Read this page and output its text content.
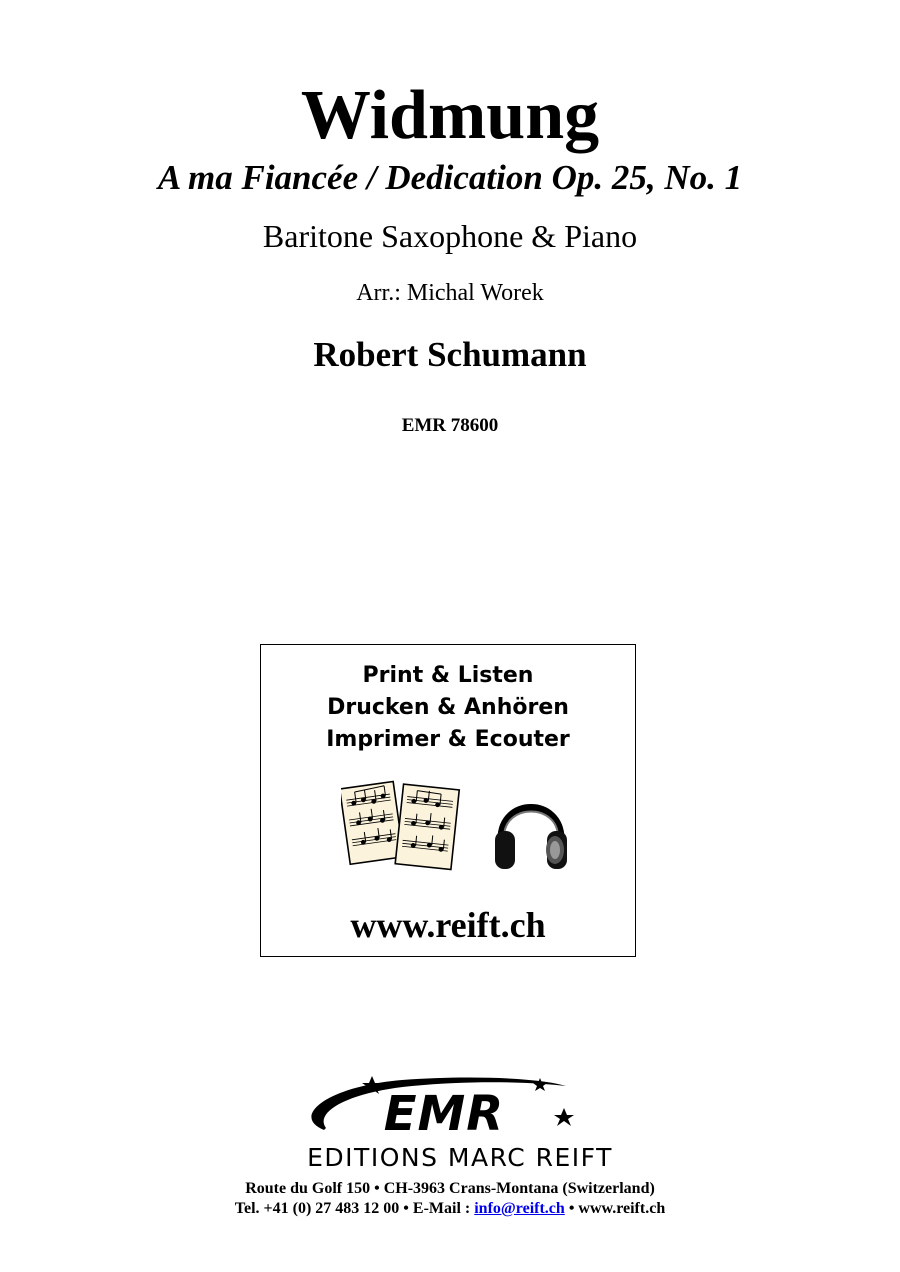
Widmung
A ma Fiancée / Dedication Op. 25, No. 1
Baritone Saxophone & Piano
Arr.: Michal Worek
Robert Schumann
EMR 78600
Print & Listen
Drucken & Anhören
Imprimer & Ecouter
www.reift.ch
EMR
EDITIONS MARC REIFT
Route du Golf 150 • CH-3963 Crans-Montana (Switzerland)
Tel. +41 (0) 27 483 12 00 • E-Mail : info@reift.ch • www.reift.ch
